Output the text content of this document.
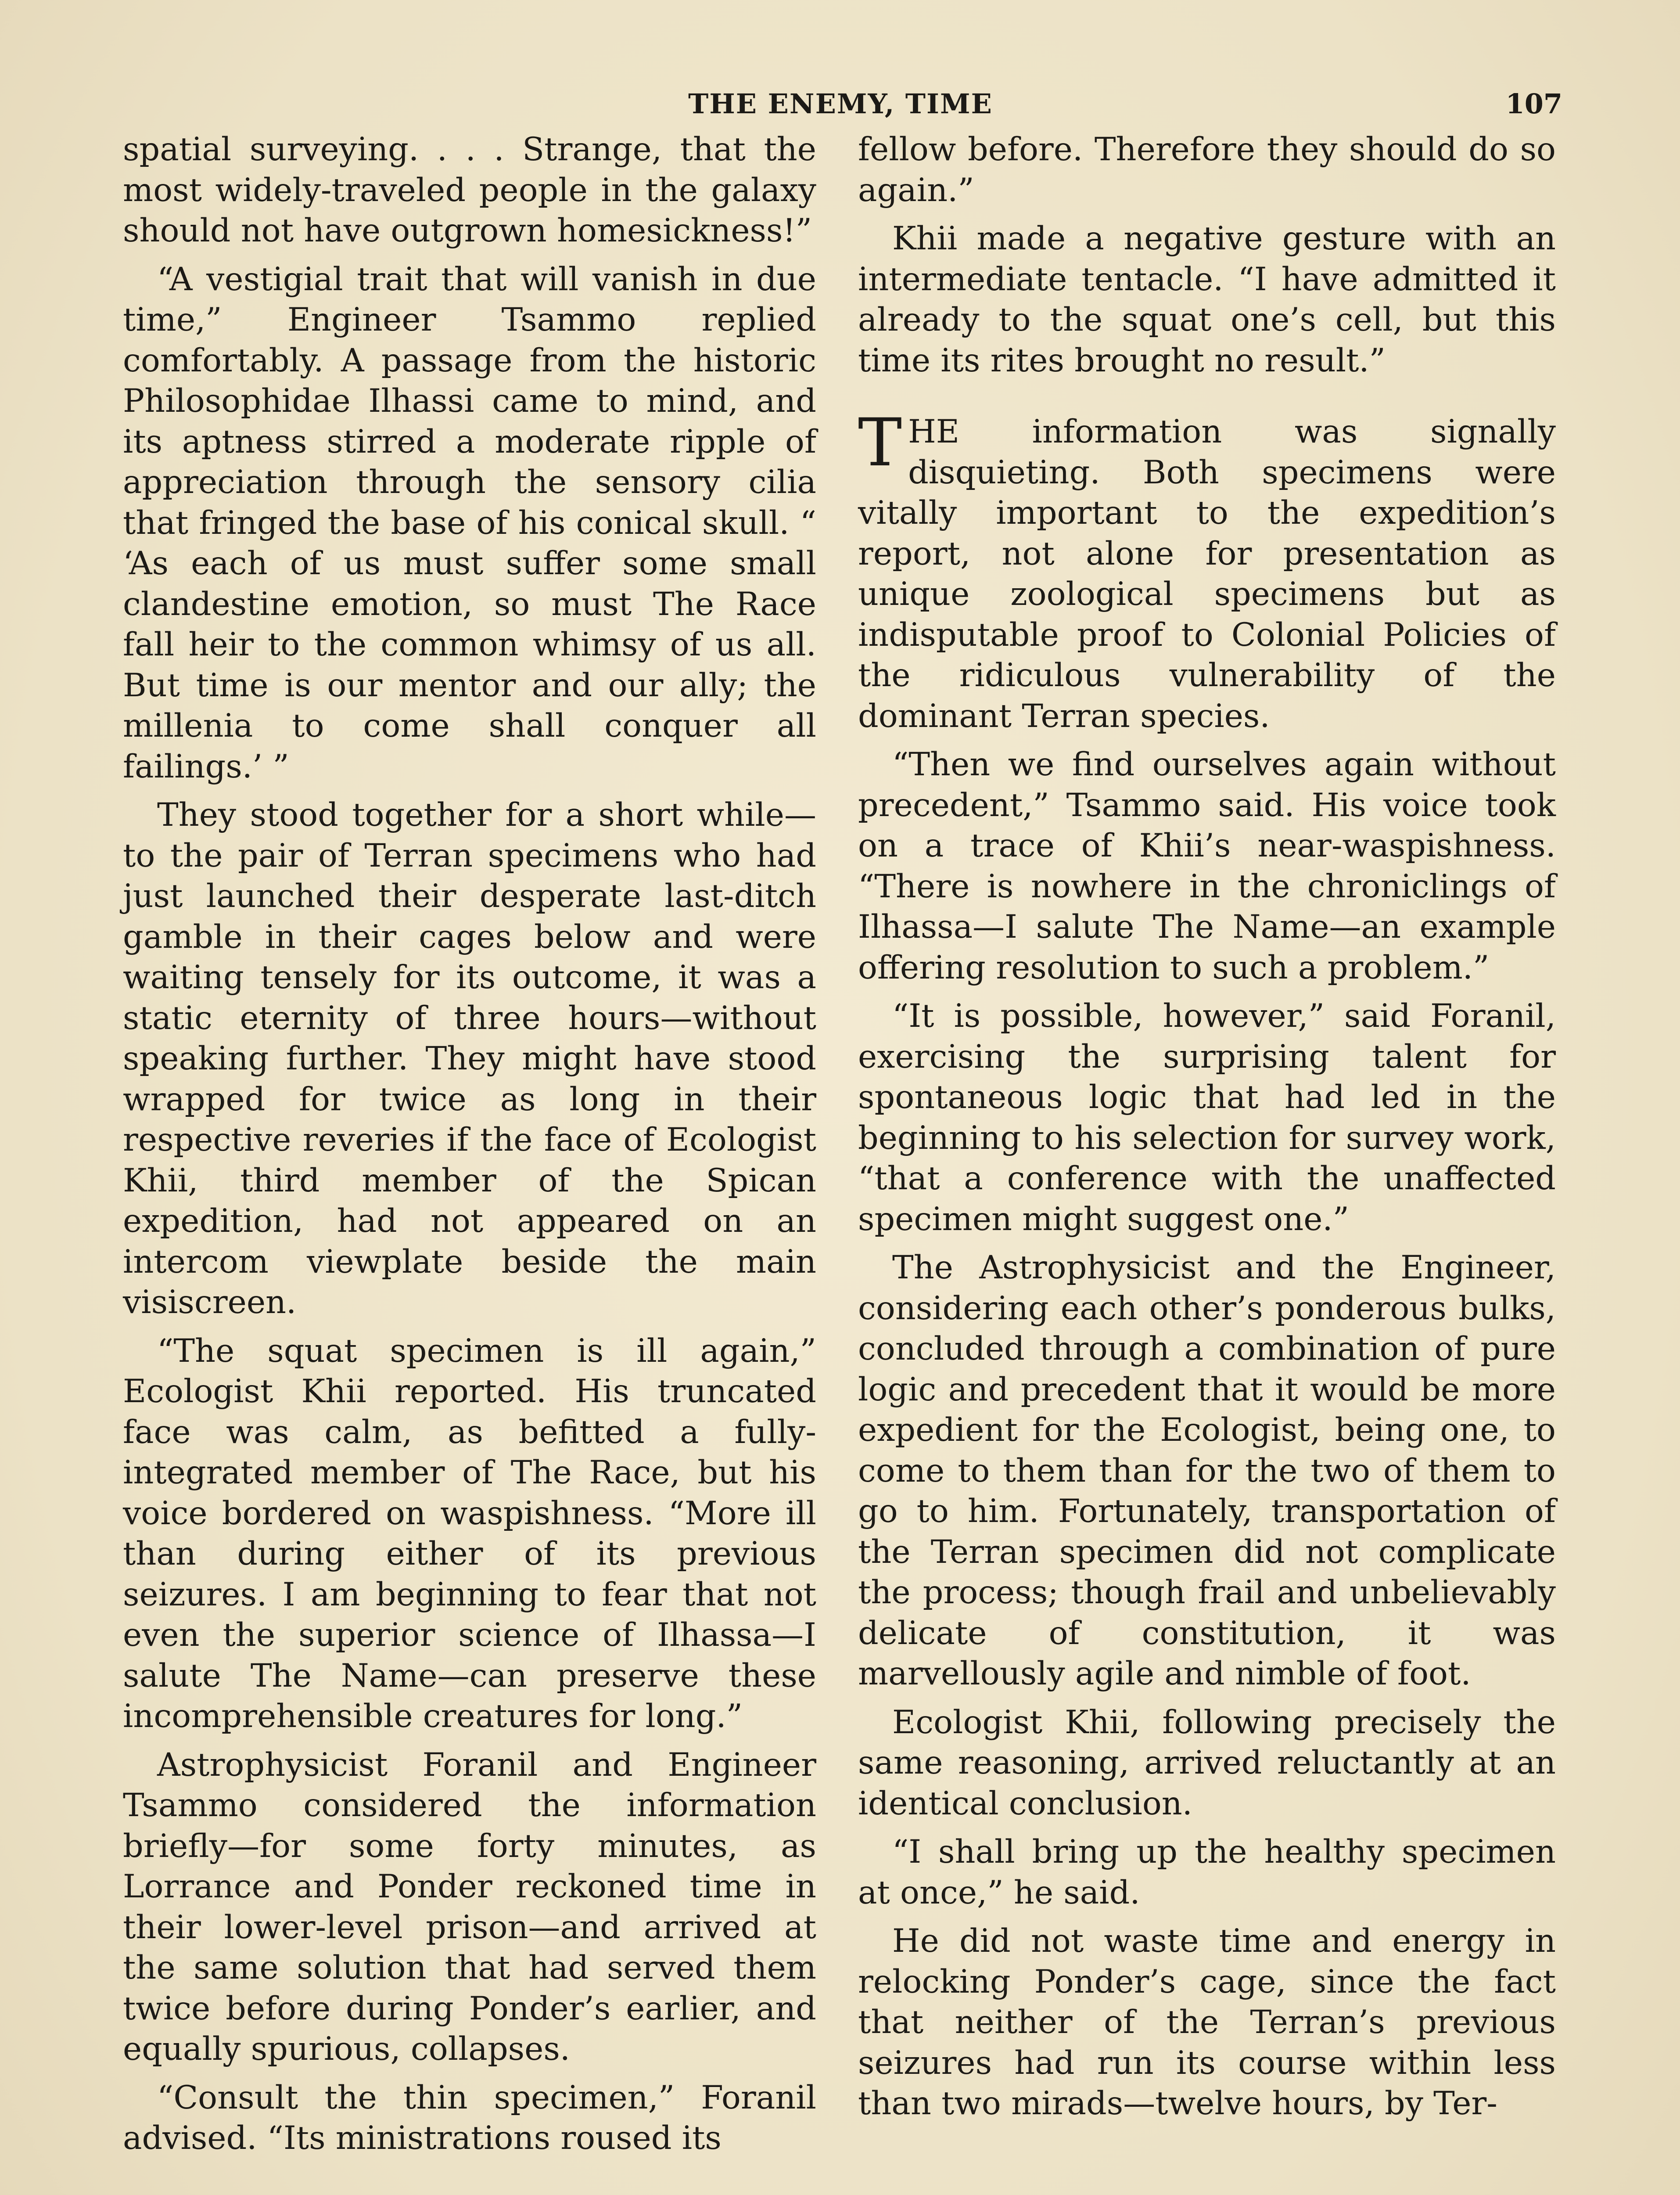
THE ENEMY, TIME	107

spatial surveying. . . . Strange, that the most widely-traveled people in the galaxy should not have outgrown homesickness!”

“A vestigial trait that will vanish in due time,” Engineer Tsammo replied comfortably. A passage from the historic Philosophidae Ilhassi came to mind, and its aptness stirred a moderate ripple of appreciation through the sensory cilia that fringed the base of his conical skull. “ ‘As each of us must suffer some small clandestine emotion, so must The Race fall heir to the common whimsy of us all. But time is our mentor and our ally; the millenia to come shall conquer all failings.’ ”

They stood together for a short while—to the pair of Terran specimens who had just launched their desperate last-ditch gamble in their cages below and were waiting tensely for its outcome, it was a static eternity of three hours—without speaking further. They might have stood wrapped for twice as long in their respective reveries if the face of Ecologist Khii, third member of the Spican expedition, had not appeared on an intercom viewplate beside the main visiscreen.

“The squat specimen is ill again,” Ecologist Khii reported. His truncated face was calm, as befitted a fully-integrated member of The Race, but his voice bordered on waspishness. “More ill than during either of its previous seizures. I am beginning to fear that not even the superior science of Ilhassa—I salute The Name—can preserve these incomprehensible creatures for long.”

Astrophysicist Foranil and Engineer Tsammo considered the information briefly—for some forty minutes, as Lorrance and Ponder reckoned time in their lower-level prison—and arrived at the same solution that had served them twice before during Ponder’s earlier, and equally spurious, collapses.

“Consult the thin specimen,” Foranil advised. “Its ministrations roused its

fellow before. Therefore they should do so again.”

Khii made a negative gesture with an intermediate tentacle. “I have admitted it already to the squat one’s cell, but this time its rites brought no result.”

THE information was signally disquieting. Both specimens were vitally important to the expedition’s report, not alone for presentation as unique zoological specimens but as indisputable proof to Colonial Policies of the ridiculous vulnerability of the dominant Terran species.

“Then we find ourselves again without precedent,” Tsammo said. His voice took on a trace of Khii’s near-waspishness. “There is nowhere in the chroniclings of Ilhassa—I salute The Name—an example offering resolution to such a problem.”

“It is possible, however,” said Foranil, exercising the surprising talent for spontaneous logic that had led in the beginning to his selection for survey work, “that a conference with the unaffected specimen might suggest one.”

The Astrophysicist and the Engineer, considering each other’s ponderous bulks, concluded through a combination of pure logic and precedent that it would be more expedient for the Ecologist, being one, to come to them than for the two of them to go to him. Fortunately, transportation of the Terran specimen did not complicate the process; though frail and unbelievably delicate of constitution, it was marvellously agile and nimble of foot.

Ecologist Khii, following precisely the same reasoning, arrived reluctantly at an identical conclusion.

“I shall bring up the healthy specimen at once,” he said.

He did not waste time and energy in relocking Ponder’s cage, since the fact that neither of the Terran’s previous seizures had run its course within less than two mirads—twelve hours, by Ter-
